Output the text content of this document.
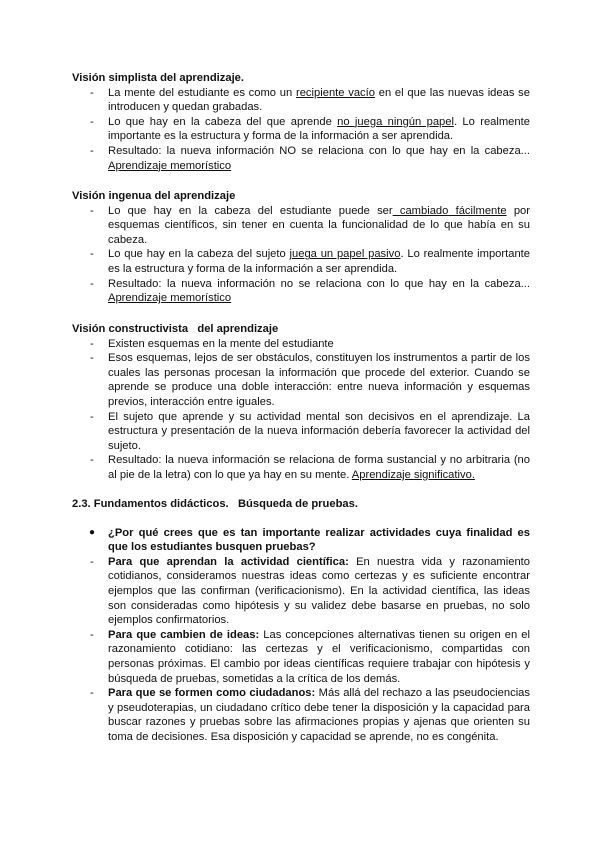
Visión simplista del aprendizaje.
- La mente del estudiante es como un recipiente vacío en el que las nuevas ideas se introducen y quedan grabadas.
- Lo que hay en la cabeza del que aprende no juega ningún papel. Lo realmente importante es la estructura y forma de la información a ser aprendida.
- Resultado: la nueva información NO se relaciona con lo que hay en la cabeza... Aprendizaje memorístico
Visión ingenua del aprendizaje
- Lo que hay en la cabeza del estudiante puede ser cambiado fácilmente por esquemas científicos, sin tener en cuenta la funcionalidad de lo que había en su cabeza.
- Lo que hay en la cabeza del sujeto juega un papel pasivo. Lo realmente importante es la estructura y forma de la información a ser aprendida.
- Resultado: la nueva información no se relaciona con lo que hay en la cabeza... Aprendizaje memorístico
Visión constructivista   del aprendizaje
- Existen esquemas en la mente del estudiante
- Esos esquemas, lejos de ser obstáculos, constituyen los instrumentos a partir de los cuales las personas procesan la información que procede del exterior. Cuando se aprende se produce una doble interacción: entre nueva información y esquemas previos, interacción entre iguales.
- El sujeto que aprende y su actividad mental son decisivos en el aprendizaje. La estructura y presentación de la nueva información debería favorecer la actividad del sujeto.
- Resultado: la nueva información se relaciona de forma sustancial y no arbitraria (no al pie de la letra) con lo que ya hay en su mente. Aprendizaje significativo.
2.3. Fundamentos didácticos.   Búsqueda de pruebas.
● ¿Por qué crees que es tan importante realizar actividades cuya finalidad es que los estudiantes busquen pruebas?
- Para que aprendan la actividad científica: En nuestra vida y razonamiento cotidianos, consideramos nuestras ideas como certezas y es suficiente encontrar ejemplos que las confirman (verificacionismo). En la actividad científica, las ideas son consideradas como hipótesis y su validez debe basarse en pruebas, no solo ejemplos confirmatorios.
- Para que cambien de ideas: Las concepciones alternativas tienen su origen en el razonamiento cotidiano: las certezas y el verificacionismo, compartidas con personas próximas. El cambio por ideas científicas requiere trabajar con hipótesis y búsqueda de pruebas, sometidas a la crítica de los demás.
- Para que se formen como ciudadanos: Más allá del rechazo a las pseudociencias y pseudoterapias, un ciudadano crítico debe tener la disposición y la capacidad para buscar razones y pruebas sobre las afirmaciones propias y ajenas que orienten su toma de decisiones. Esa disposición y capacidad se aprende, no es congénita.
